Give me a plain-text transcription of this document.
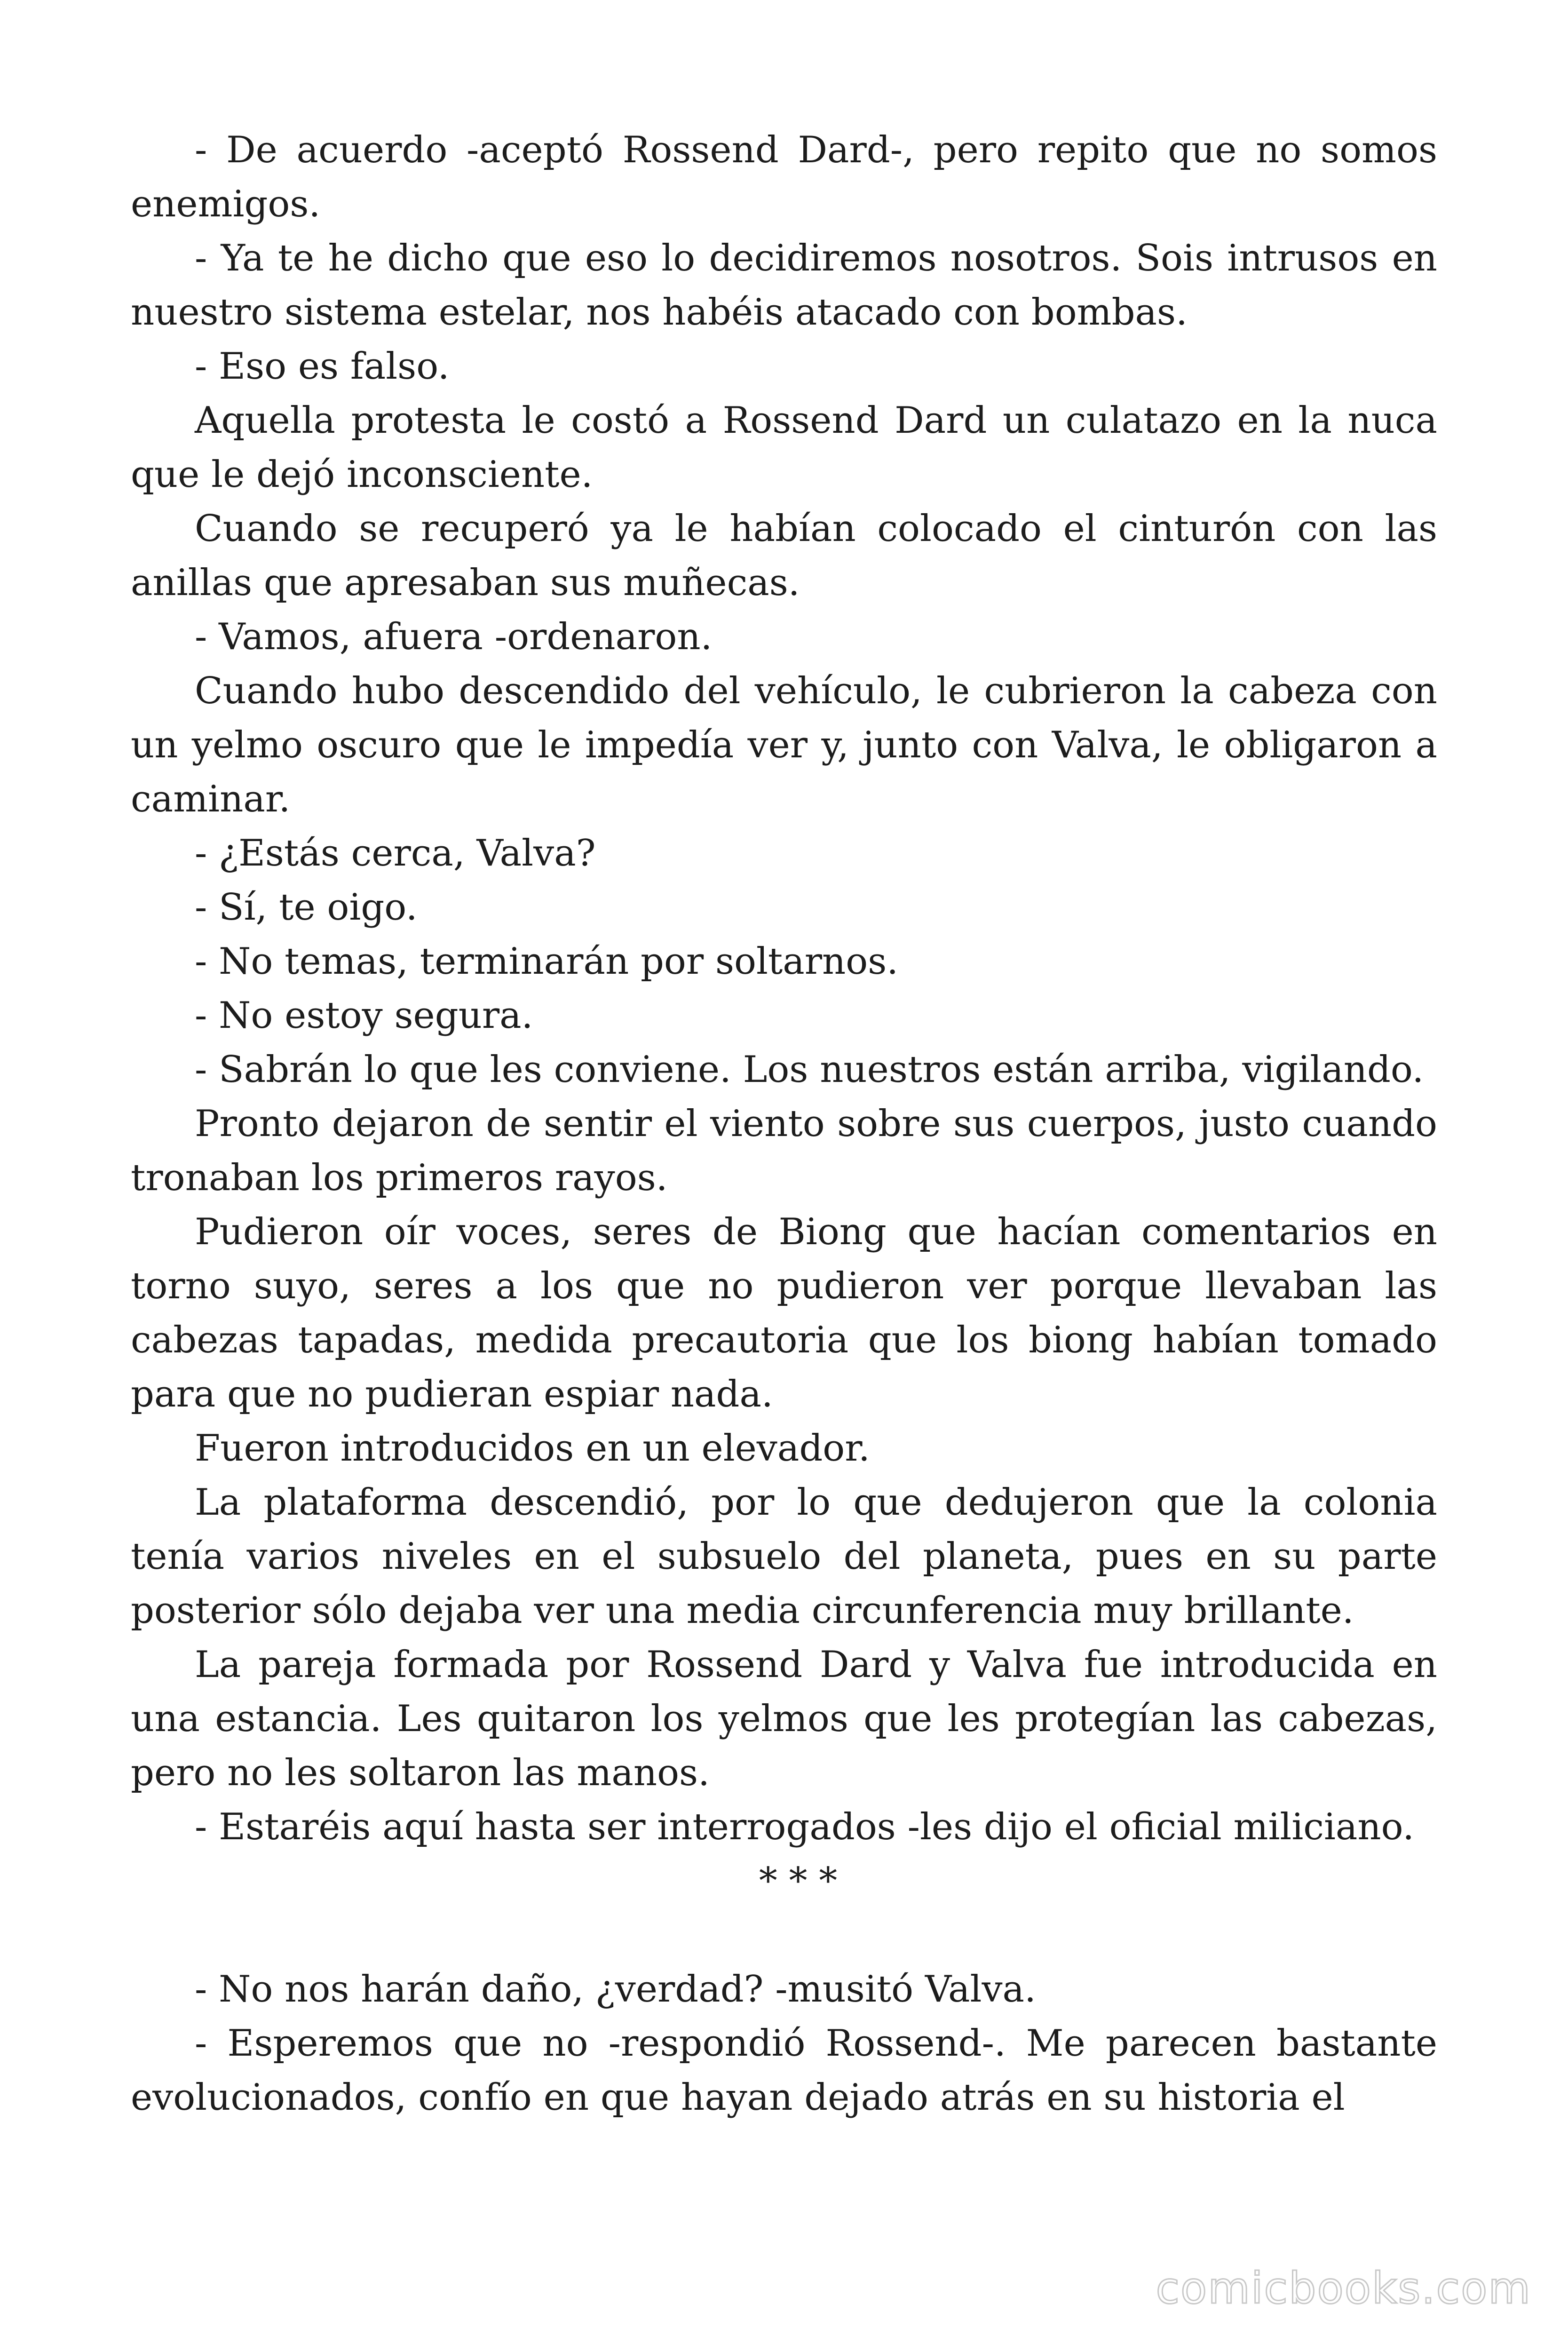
- De acuerdo -aceptó Rossend Dard-, pero repito que no somos enemigos.

- Ya te he dicho que eso lo decidiremos nosotros. Sois intrusos en nuestro sistema estelar, nos habéis atacado con bombas.

- Eso es falso.

Aquella protesta le costó a Rossend Dard un culatazo en la nuca que le dejó inconsciente.

Cuando se recuperó ya le habían colocado el cinturón con las anillas que apresaban sus muñecas.

- Vamos, afuera -ordenaron.

Cuando hubo descendido del vehículo, le cubrieron la cabeza con un yelmo oscuro que le impedía ver y, junto con Valva, le obligaron a caminar.

- ¿Estás cerca, Valva?

- Sí, te oigo.

- No temas, terminarán por soltarnos.

- No estoy segura.

- Sabrán lo que les conviene. Los nuestros están arriba, vigilando.

Pronto dejaron de sentir el viento sobre sus cuerpos, justo cuando tronaban los primeros rayos.

Pudieron oír voces, seres de Biong que hacían comentarios en torno suyo, seres a los que no pudieron ver porque llevaban las cabezas tapadas, medida precautoria que los biong habían tomado para que no pudieran espiar nada.

Fueron introducidos en un elevador.

La plataforma descendió, por lo que dedujeron que la colonia tenía varios niveles en el subsuelo del planeta, pues en su parte posterior sólo dejaba ver una media circunferencia muy brillante.

La pareja formada por Rossend Dard y Valva fue introducida en una estancia. Les quitaron los yelmos que les protegían las cabezas, pero no les soltaron las manos.

- Estaréis aquí hasta ser interrogados -les dijo el oficial miliciano.

* * *

- No nos harán daño, ¿verdad? -musitó Valva.

- Esperemos que no -respondió Rossend-. Me parecen bastante evolucionados, confío en que hayan dejado atrás en su historia el

comicbooks.com
